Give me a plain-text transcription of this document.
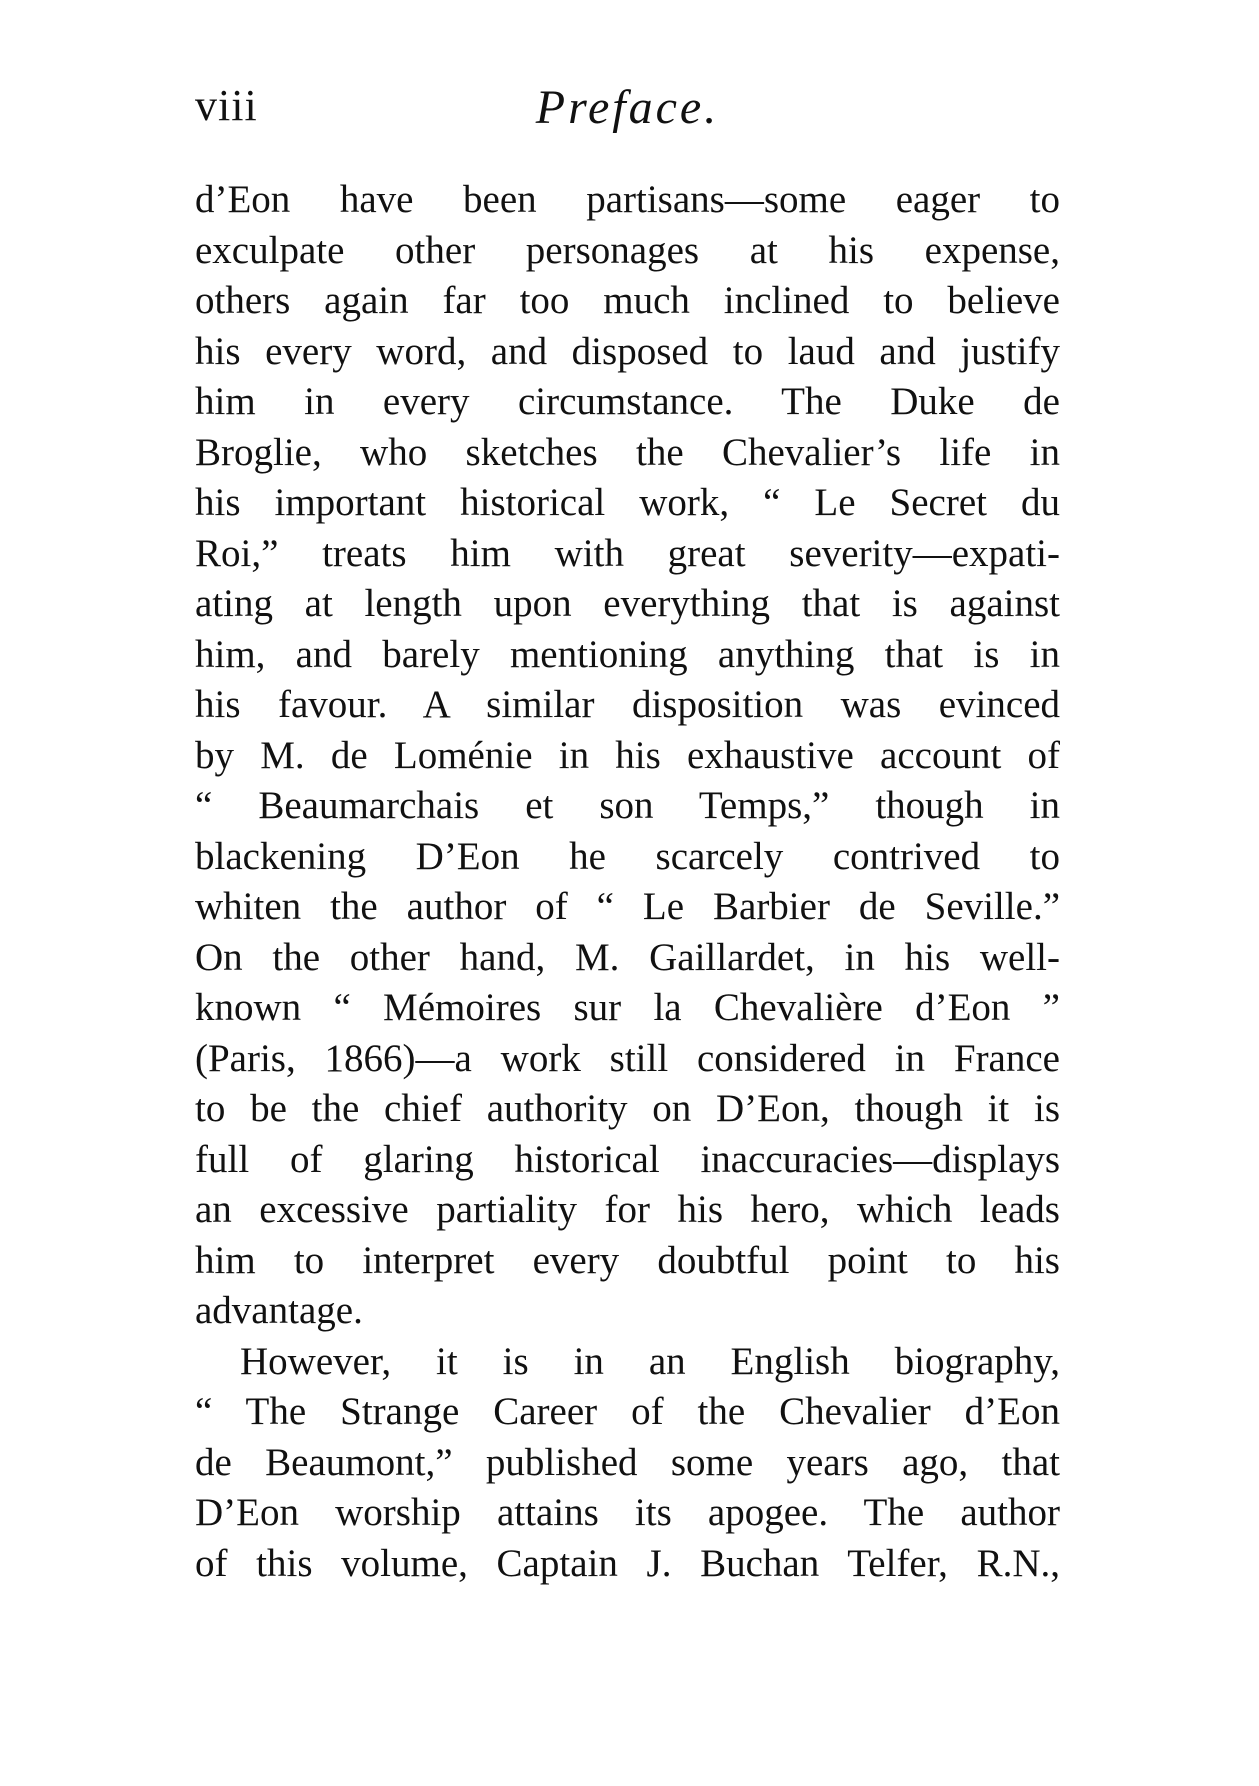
viii	Preface.
d’Eon have been partisans—some eager to
exculpate other personages at his expense,
others again far too much inclined to believe
his every word, and disposed to laud and justify
him in every circumstance. The Duke de
Broglie, who sketches the Chevalier’s life in
his important historical work, “ Le Secret du
Roi,” treats him with great severity—expati-
ating at length upon everything that is against
him, and barely mentioning anything that is in
his favour. A similar disposition was evinced
by M. de Loménie in his exhaustive account of
“ Beaumarchais et son Temps,” though in
blackening D’Eon he scarcely contrived to
whiten the author of “ Le Barbier de Seville.”
On the other hand, M. Gaillardet, in his well-
known “ Mémoires sur la Chevalière d’Eon ”
(Paris, 1866)—a work still considered in France
to be the chief authority on D’Eon, though it is
full of glaring historical inaccuracies—displays
an excessive partiality for his hero, which leads
him to interpret every doubtful point to his
advantage.
However, it is in an English biography,
“ The Strange Career of the Chevalier d’Eon
de Beaumont,” published some years ago, that
D’Eon worship attains its apogee. The author
of this volume, Captain J. Buchan Telfer, R.N.,
